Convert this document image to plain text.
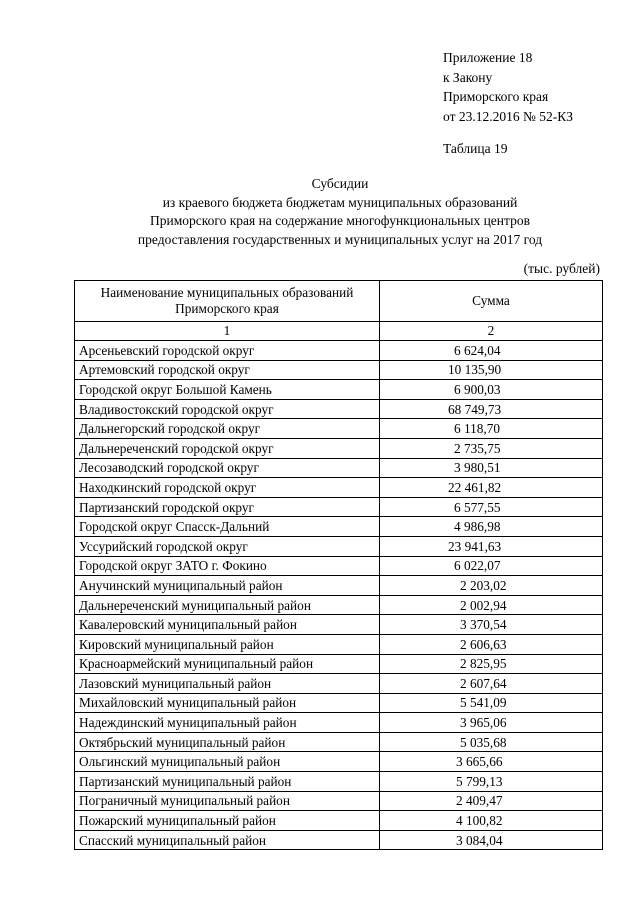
Приложение 18
к Закону
Приморского края
от 23.12.2016 № 52-КЗ
Таблица 19
Субсидии
из краевого бюджета бюджетам муниципальных образований
Приморского края на содержание многофункциональных центров
предоставления государственных и муниципальных услуг на 2017 год
(тыс. рублей)
Наименование муниципальных образований Приморского края	Сумма
1	2
Арсеньевский городской округ	6 624,04
Артемовский городской округ	10 135,90
Городской округ Большой Камень	6 900,03
Владивостокский городской округ	68 749,73
Дальнегорский городской округ	6 118,70
Дальнереченский городской округ	2 735,75
Лесозаводский городской округ	3 980,51
Находкинский городской округ	22 461,82
Партизанский городской округ	6 577,55
Городской округ Спасск-Дальний	4 986,98
Уссурийский городской округ	23 941,63
Городской округ ЗАТО г. Фокино	6 022,07
Анучинский муниципальный район	2 203,02
Дальнереченский муниципальный район	2 002,94
Кавалеровский муниципальный район	3 370,54
Кировский муниципальный район	2 606,63
Красноармейский муниципальный район	2 825,95
Лазовский муниципальный район	2 607,64
Михайловский муниципальный район	5 541,09
Надеждинский муниципальный район	3 965,06
Октябрьский муниципальный район	5 035,68
Ольгинский муниципальный район	3 665,66
Партизанский муниципальный район	5 799,13
Пограничный муниципальный район	2 409,47
Пожарский муниципальный район	4 100,82
Спасский муниципальный район	3 084,04
